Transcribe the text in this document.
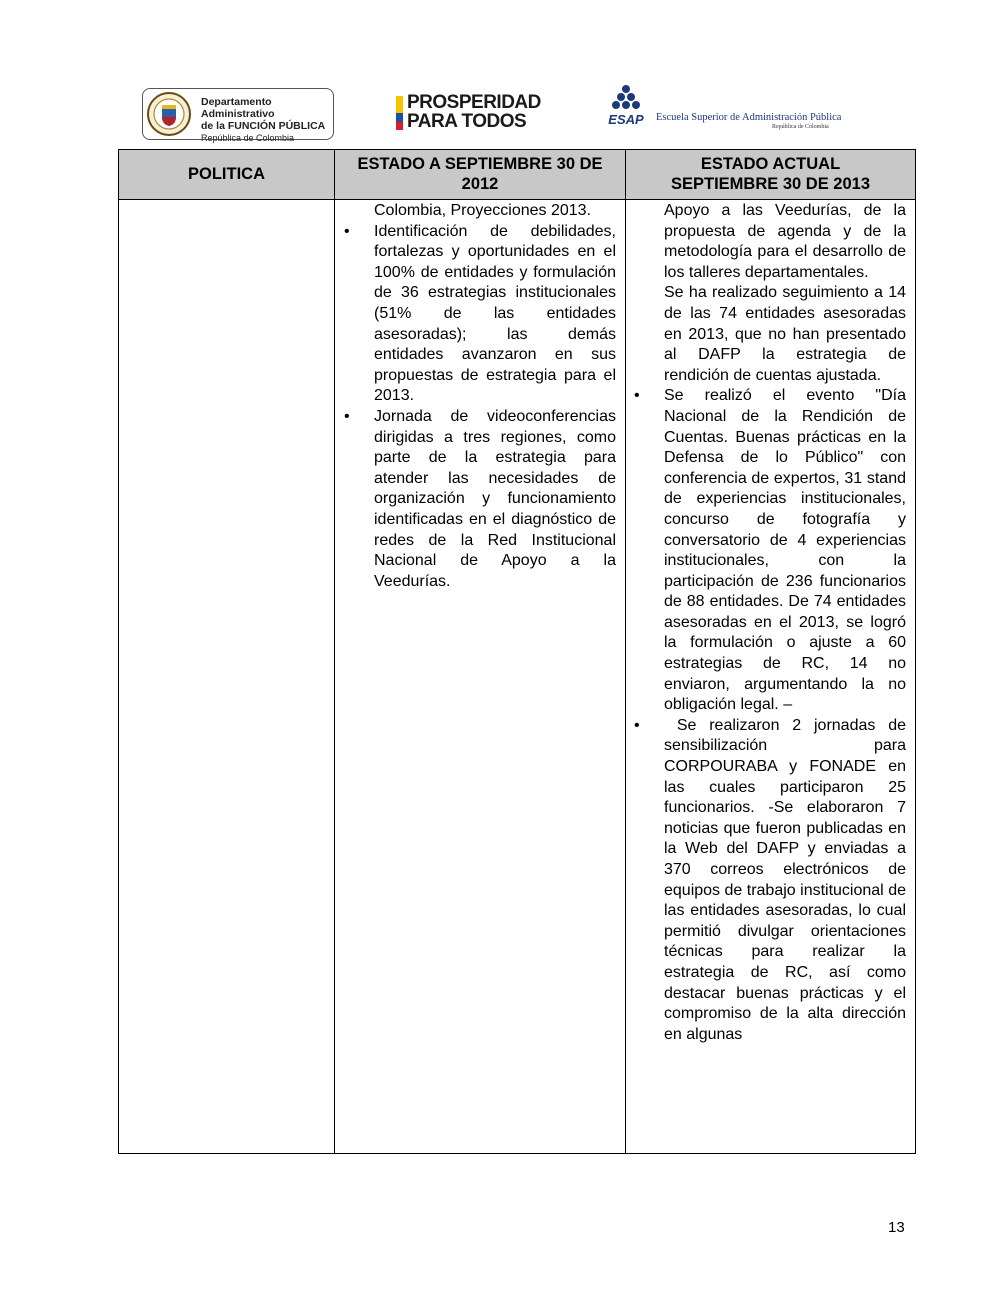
Departamento Administrativo
de la FUNCIÓN PÚBLICA
República de Colombia
PROSPERIDAD
PARA TODOS	ESAP Escuela Superior de Administración Pública
República de Colombia
POLITICA
ESTADO A SEPTIEMBRE 30 DE 2012
ESTADO ACTUAL SEPTIEMBRE 30 DE 2013

Colombia, Proyecciones 2013.

• Identificación de debilidades, fortalezas y oportunidades en el 100% de entidades y formulación de 36 estrategias institucionales (51% de las entidades asesoradas); las demás entidades avanzaron en sus propuestas de estrategia para el 2013.
• Jornada de videoconferencias dirigidas a tres regiones, como parte de la estrategia para atender las necesidades de organización y funcionamiento identificadas en el diagnóstico de redes de la Red Institucional Nacional de Apoyo a la Veedurías.

Apoyo a las Veedurías, de la propuesta de agenda y de la metodología para el desarrollo de los talleres departamentales.

Se ha realizado seguimiento a 14 de las 74 entidades asesoradas en 2013, que no han presentado al DAFP la estrategia de rendición de cuentas ajustada.

• Se realizó el evento "Día Nacional de la Rendición de Cuentas. Buenas prácticas en la Defensa de lo Público" con conferencia de expertos, 31 stand de experiencias institucionales, concurso de fotografía y conversatorio de 4 experiencias institucionales, con la participación de 236 funcionarios de 88 entidades. De 74 entidades asesoradas en el 2013, se logró la formulación o ajuste a 60 estrategias de RC, 14 no enviaron, argumentando la no obligación legal. –
•  Se realizaron 2 jornadas de sensibilización para CORPOURABA y FONADE en las cuales participaron 25 funcionarios. -Se elaboraron 7 noticias que fueron publicadas en la Web del DAFP y enviadas a 370 correos electrónicos de equipos de trabajo institucional de las entidades asesoradas, lo cual permitió divulgar orientaciones técnicas para realizar la estrategia de RC, así como destacar buenas prácticas y el compromiso de la alta dirección en algunas
13
